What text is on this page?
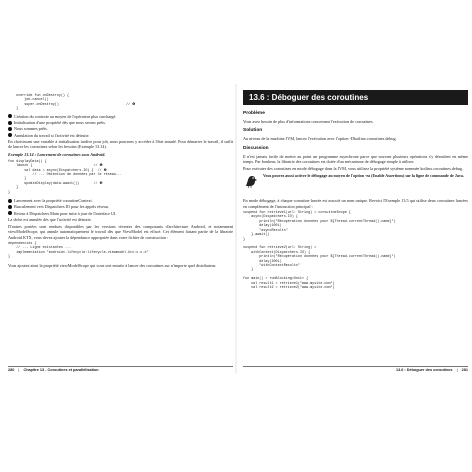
override fun onDestroy() {
job.cancel()
super.onDestroy()
}
// ❹
Création du contexte au moyen de l'opérateur plus surchargé.
Initialisation d'une propriété dès que nous serons prêts.
Nous sommes prêts.
Annulation du travail si l'activité est détruite.

En choisissant une variable à initialisation tardive pour job, nous pourrons y accéder à l'état annulé. Pour démarrer le travail, il suffit de lancer les coroutines selon les besoins (Exemple 13.14).

Exemple 13.14 : Lancement de coroutines sous Android.
fun displayData() {
launch {                              // ❶
val data = async(Dispatchers.IO) {  // ❷
// ... Obtention de données par le réseau...
}
updateDisplay(data.await())       // ❸
}
}
Lancement avec la propriété coroutineContext.
Basculement vers Dispatchers.IO pour les appels réseau.
Retour à Dispatchers.Main pour mise à jour de l'interface UI.

La tâche est annulée dès que l'activité est détruite.

D'autres portées sont rendues disponibles par les versions récentes des composants d'architecture Android, et notamment viewModelScope, qui annule automatiquement le travail dès que ViewModel est effacé. Cet élément faisant partie de la librairie Android KTX, vous devez ajouter la dépendance appropriée dans votre fichier de construction :

dependencies {
// ... Ligne existantes ...
implementation "androidx.lifecycle:lifecycle-viewmodel-ktx:x.x.x"
}

Vous ajoutez ainsi la propriété viewModelScope qui vous sert ensuite à lancer des coroutines sur n'importe quel distributeur.

280 | Chapitre 13 - Coroutines et parallélisation
13.6 : Déboguer des coroutines
Problème

Vous avez besoin de plus d'informations concernant l'exécution de coroutines.

Solution

Au niveau de la machine JVM, lancez l'exécution avec l'option -Dkotlinx.coroutines.debug.

Discussion

Il n'est jamais facile de mettre au point un programme asynchrone parce que souvent plusieurs opérations s'y déroulent en même temps. Par bonheur, la librairie des coroutines est dotée d'un mécanisme de débogage simple à utiliser.

Pour exécuter des coroutines en mode débogage dans la JVM, vous utilisez la propriété système nommée kotlinx.coroutines.debug.

Vous pouvez aussi activer le débogage au moyen de l'option -ea (Enable Assertions) sur la ligne de commande de Java.

En mode débogage, à chaque coroutine lancée est associé un nom unique. Revoici l'Exemple 13.5 qui utilise deux coroutines lancées en complément de l'instruction principal :

suspend fun retrieve1(url: String) = coroutineScope {
async(Dispatchers.IO) {
println("Récupération données pour ${Thread.currentThread().name}")
delay(100L)
"asyncResults"
}.await()
}

suspend fun retrieve2(url: String) =
withContext(Dispatchers.IO) {
println("Récupération données pour ${Thread.currentThread().name}")
delay(200L)
"withContextResults"
}

fun main() = runBlocking<Unit> {
val result1 = retrieve1("www.mysite.com")
val result2 = retrieve2("www.mysite.com")
13.6 : Déboguer des coroutines | 281
